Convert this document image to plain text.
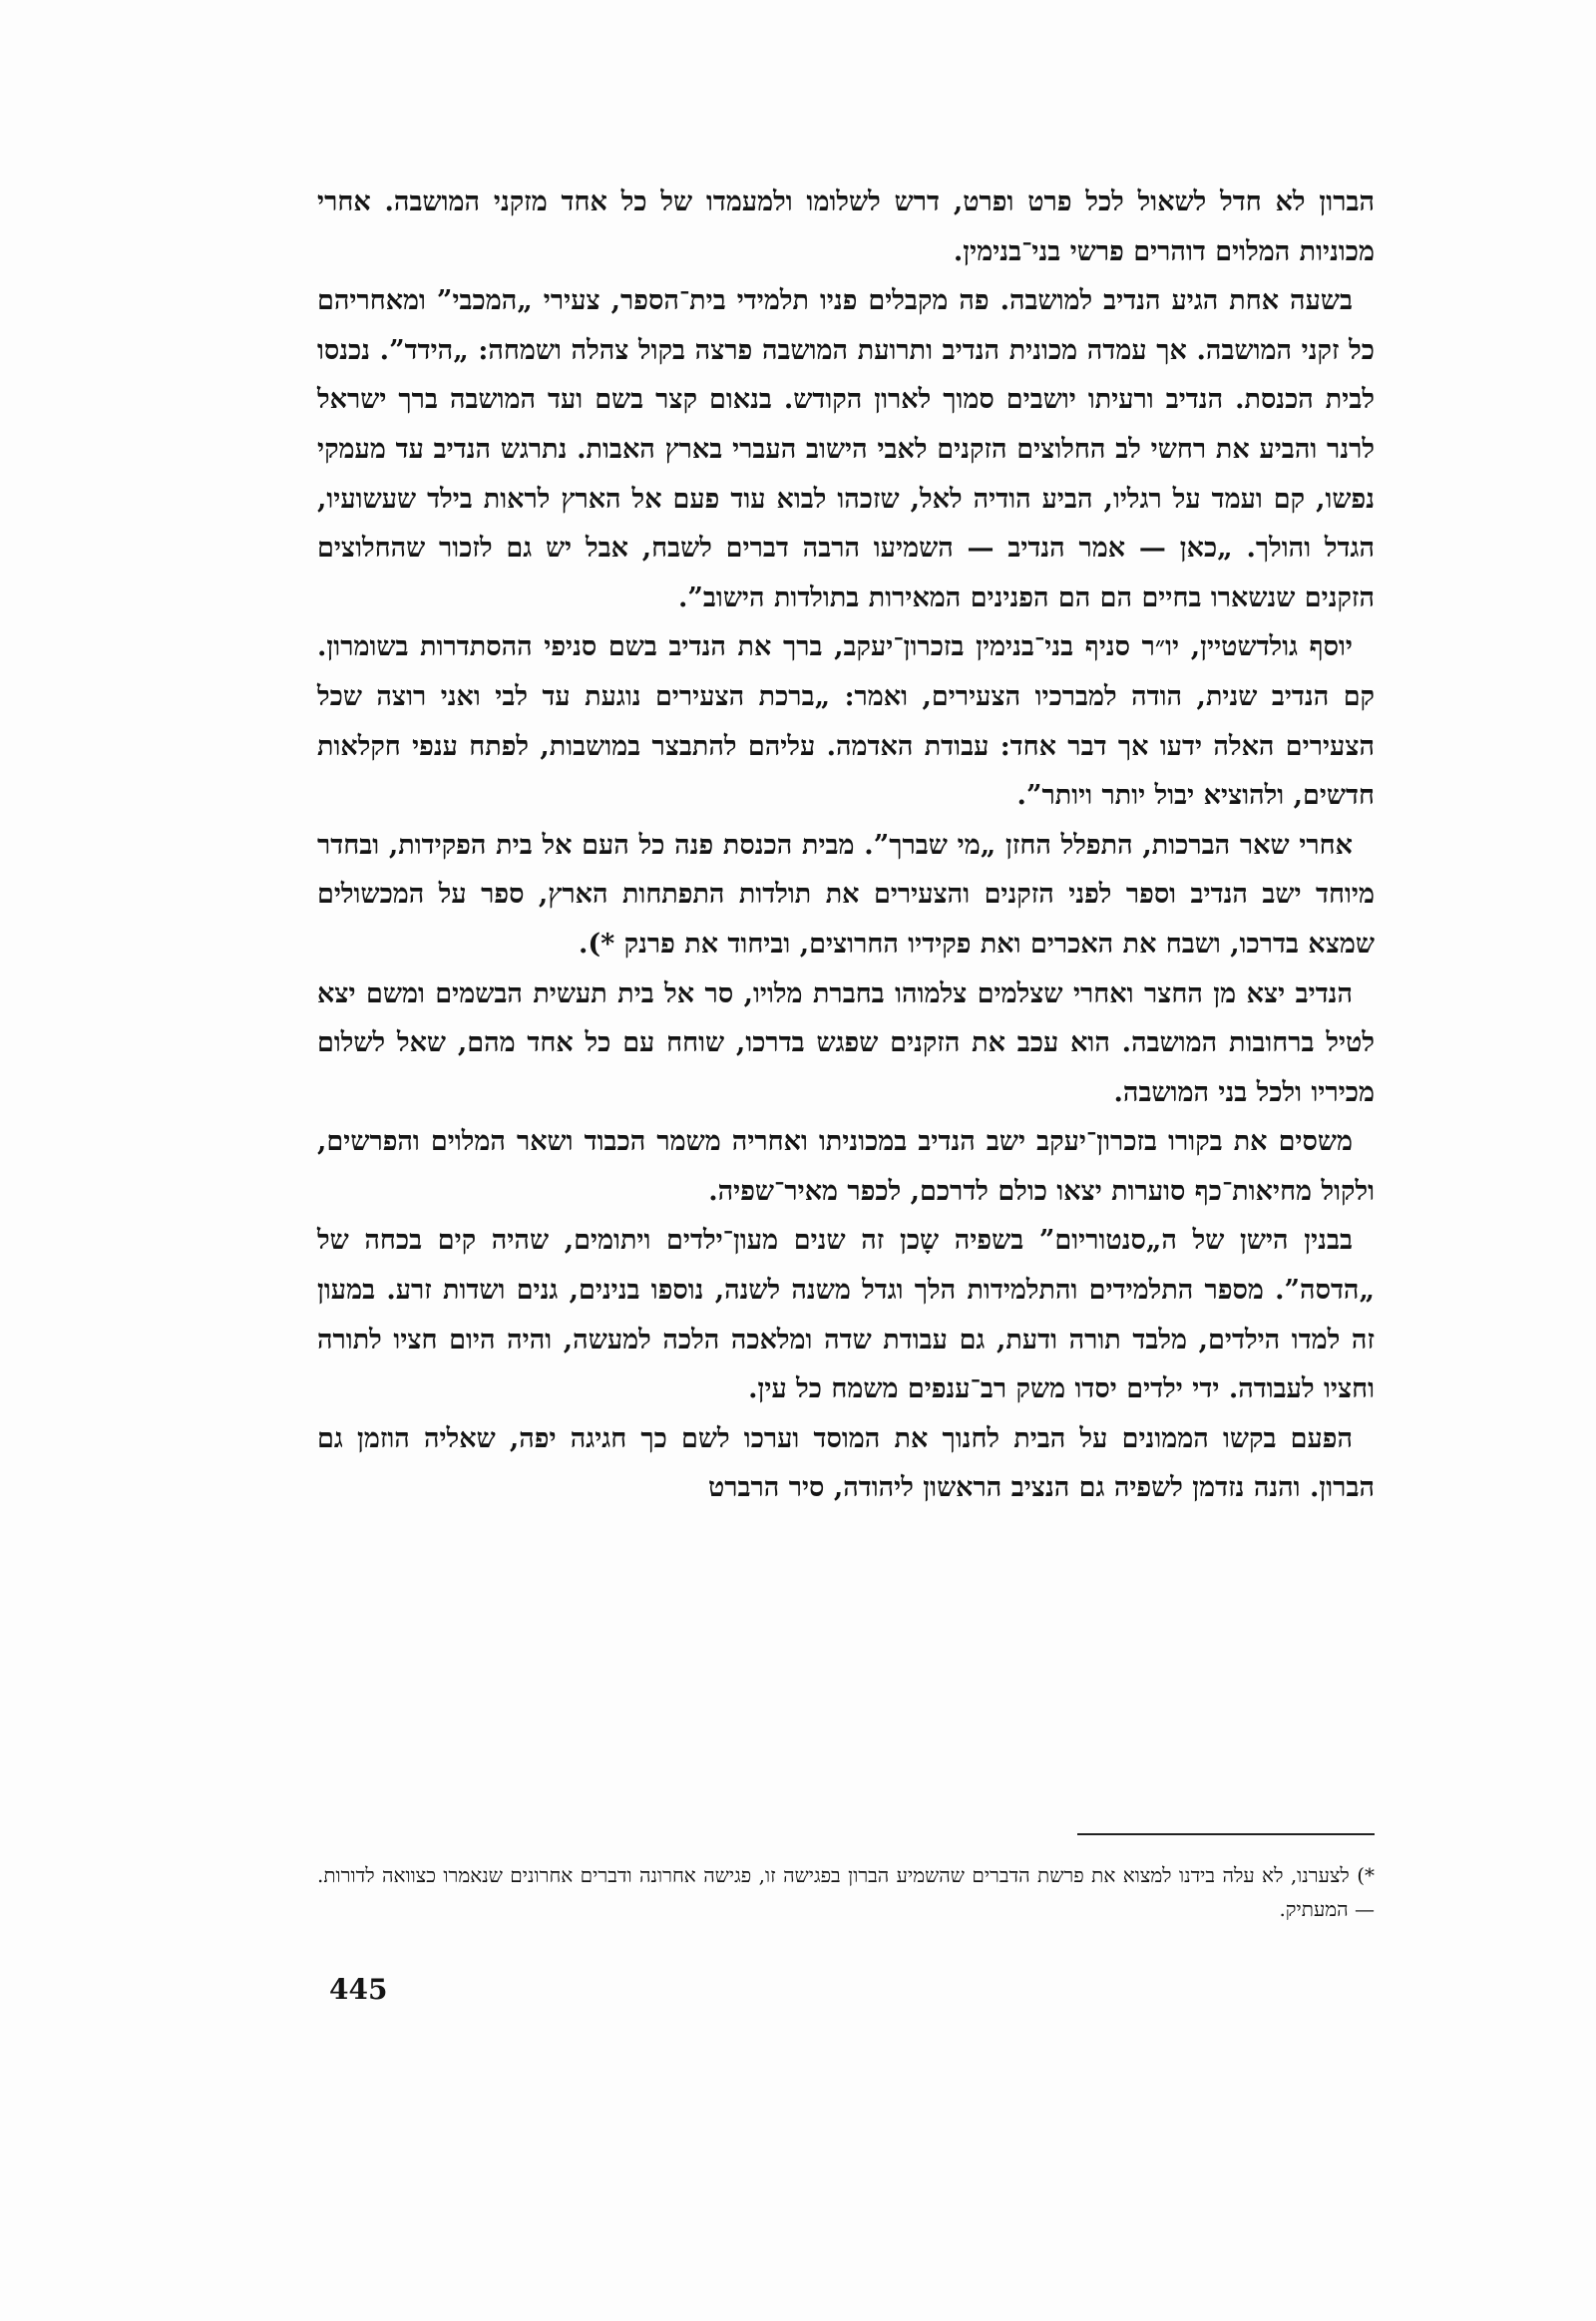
הברון לא חדל לשאול לכל פרט ופרט, דרש לשלומו ולמעמדו של כל אחד מזקני המושבה. אחרי מכוניות המלוים דוהרים פרשי בני־בנימין.

בשעה אחת הגיע הנדיב למושבה. פה מקבלים פניו תלמידי בית־הספר, צעירי „המכבי” ומאחריהם כל זקני המושבה. אך עמדה מכונית הנדיב ותרועת המושבה פרצה בקול צהלה ושמחה: „הידד”. נכנסו לבית הכנסת. הנדיב ורעיתו יושבים סמוך לארון הקודש. בנאום קצר בשם ועד המושבה ברך ישראל לרנר והביע את רחשי לב החלוצים הזקנים לאבי הישוב העברי בארץ האבות. נתרגש הנדיב עד מעמקי נפשו, קם ועמד על רגליו, הביע הודיה לאל, שזכהו לבוא עוד פעם אל הארץ לראות בילד שעשועיו, הגדל והולך. „כאן — אמר הנדיב — השמיעו הרבה דברים לשבח, אבל יש גם לזכור שהחלוצים הזקנים שנשארו בחיים הם הם הפנינים המאירות בתולדות הישוב”.

יוסף גולדשטיין, יו״ר סניף בני־בנימין בזכרון־יעקב, ברך את הנדיב בשם סניפי ההסתדרות בשומרון. קם הנדיב שנית, הודה למברכיו הצעירים, ואמר: „ברכת הצעירים נוגעת עד לבי ואני רוצה שכל הצעירים האלה ידעו אך דבר אחד: עבודת האדמה. עליהם להתבצר במושבות, לפתח ענפי חקלאות חדשים, ולהוציא יבול יותר ויותר”.

אחרי שאר הברכות, התפלל החזן „מי שברך”. מבית הכנסת פנה כל העם אל בית הפקידות, ובחדר מיוחד ישב הנדיב וספר לפני הזקנים והצעירים את תולדות התפתחות הארץ, ספר על המכשולים שמצא בדרכו, ושבח את האכרים ואת פקידיו החרוצים, וביחוד את פרנק *).

הנדיב יצא מן החצר ואחרי שצלמים צלמוהו בחברת מלויו, סר אל בית תעשית הבשמים ומשם יצא לטיל ברחובות המושבה. הוא עכב את הזקנים שפגש בדרכו, שוחח עם כל אחד מהם, שאל לשלום מכיריו ולכל בני המושבה.

משסים את בקורו בזכרון־יעקב ישב הנדיב במכוניתו ואחריה משמר הכבוד ושאר המלוים והפרשים, ולקול מחיאות־כף סוערות יצאו כולם לדרכם, לכפר מאיר־שפיה.

בבנין הישן של ה„סנטוריום” בשפיה שָכן זה שנים מעון־ילדים ויתומים, שהיה קים בכחה של „הדסה”. מספר התלמידים והתלמידות הלך וגדל משנה לשנה, נוספו בנינים, גנים ושדות זרע. במעון זה למדו הילדים, מלבד תורה ודעת, גם עבודת שדה ומלאכה הלכה למעשה, והיה היום חציו לתורה וחציו לעבודה. ידי ילדים יסדו משק רב־ענפים משמח כל עין.

הפעם בקשו הממונים על הבית לחנוך את המוסד וערכו לשם כך חגיגה יפה, שאליה הוזמן גם הברון. והנה נזדמן לשפיה גם הנציב הראשון ליהודה, סיר הרברט

*) לצערנו, לא עלה בידנו למצוא את פרשת הדברים שהשמיע הברון בפגישה זו, פגישה אחרונה ודברים אחרונים שנאמרו כצוואה לדורות. — המעתיק.

445
